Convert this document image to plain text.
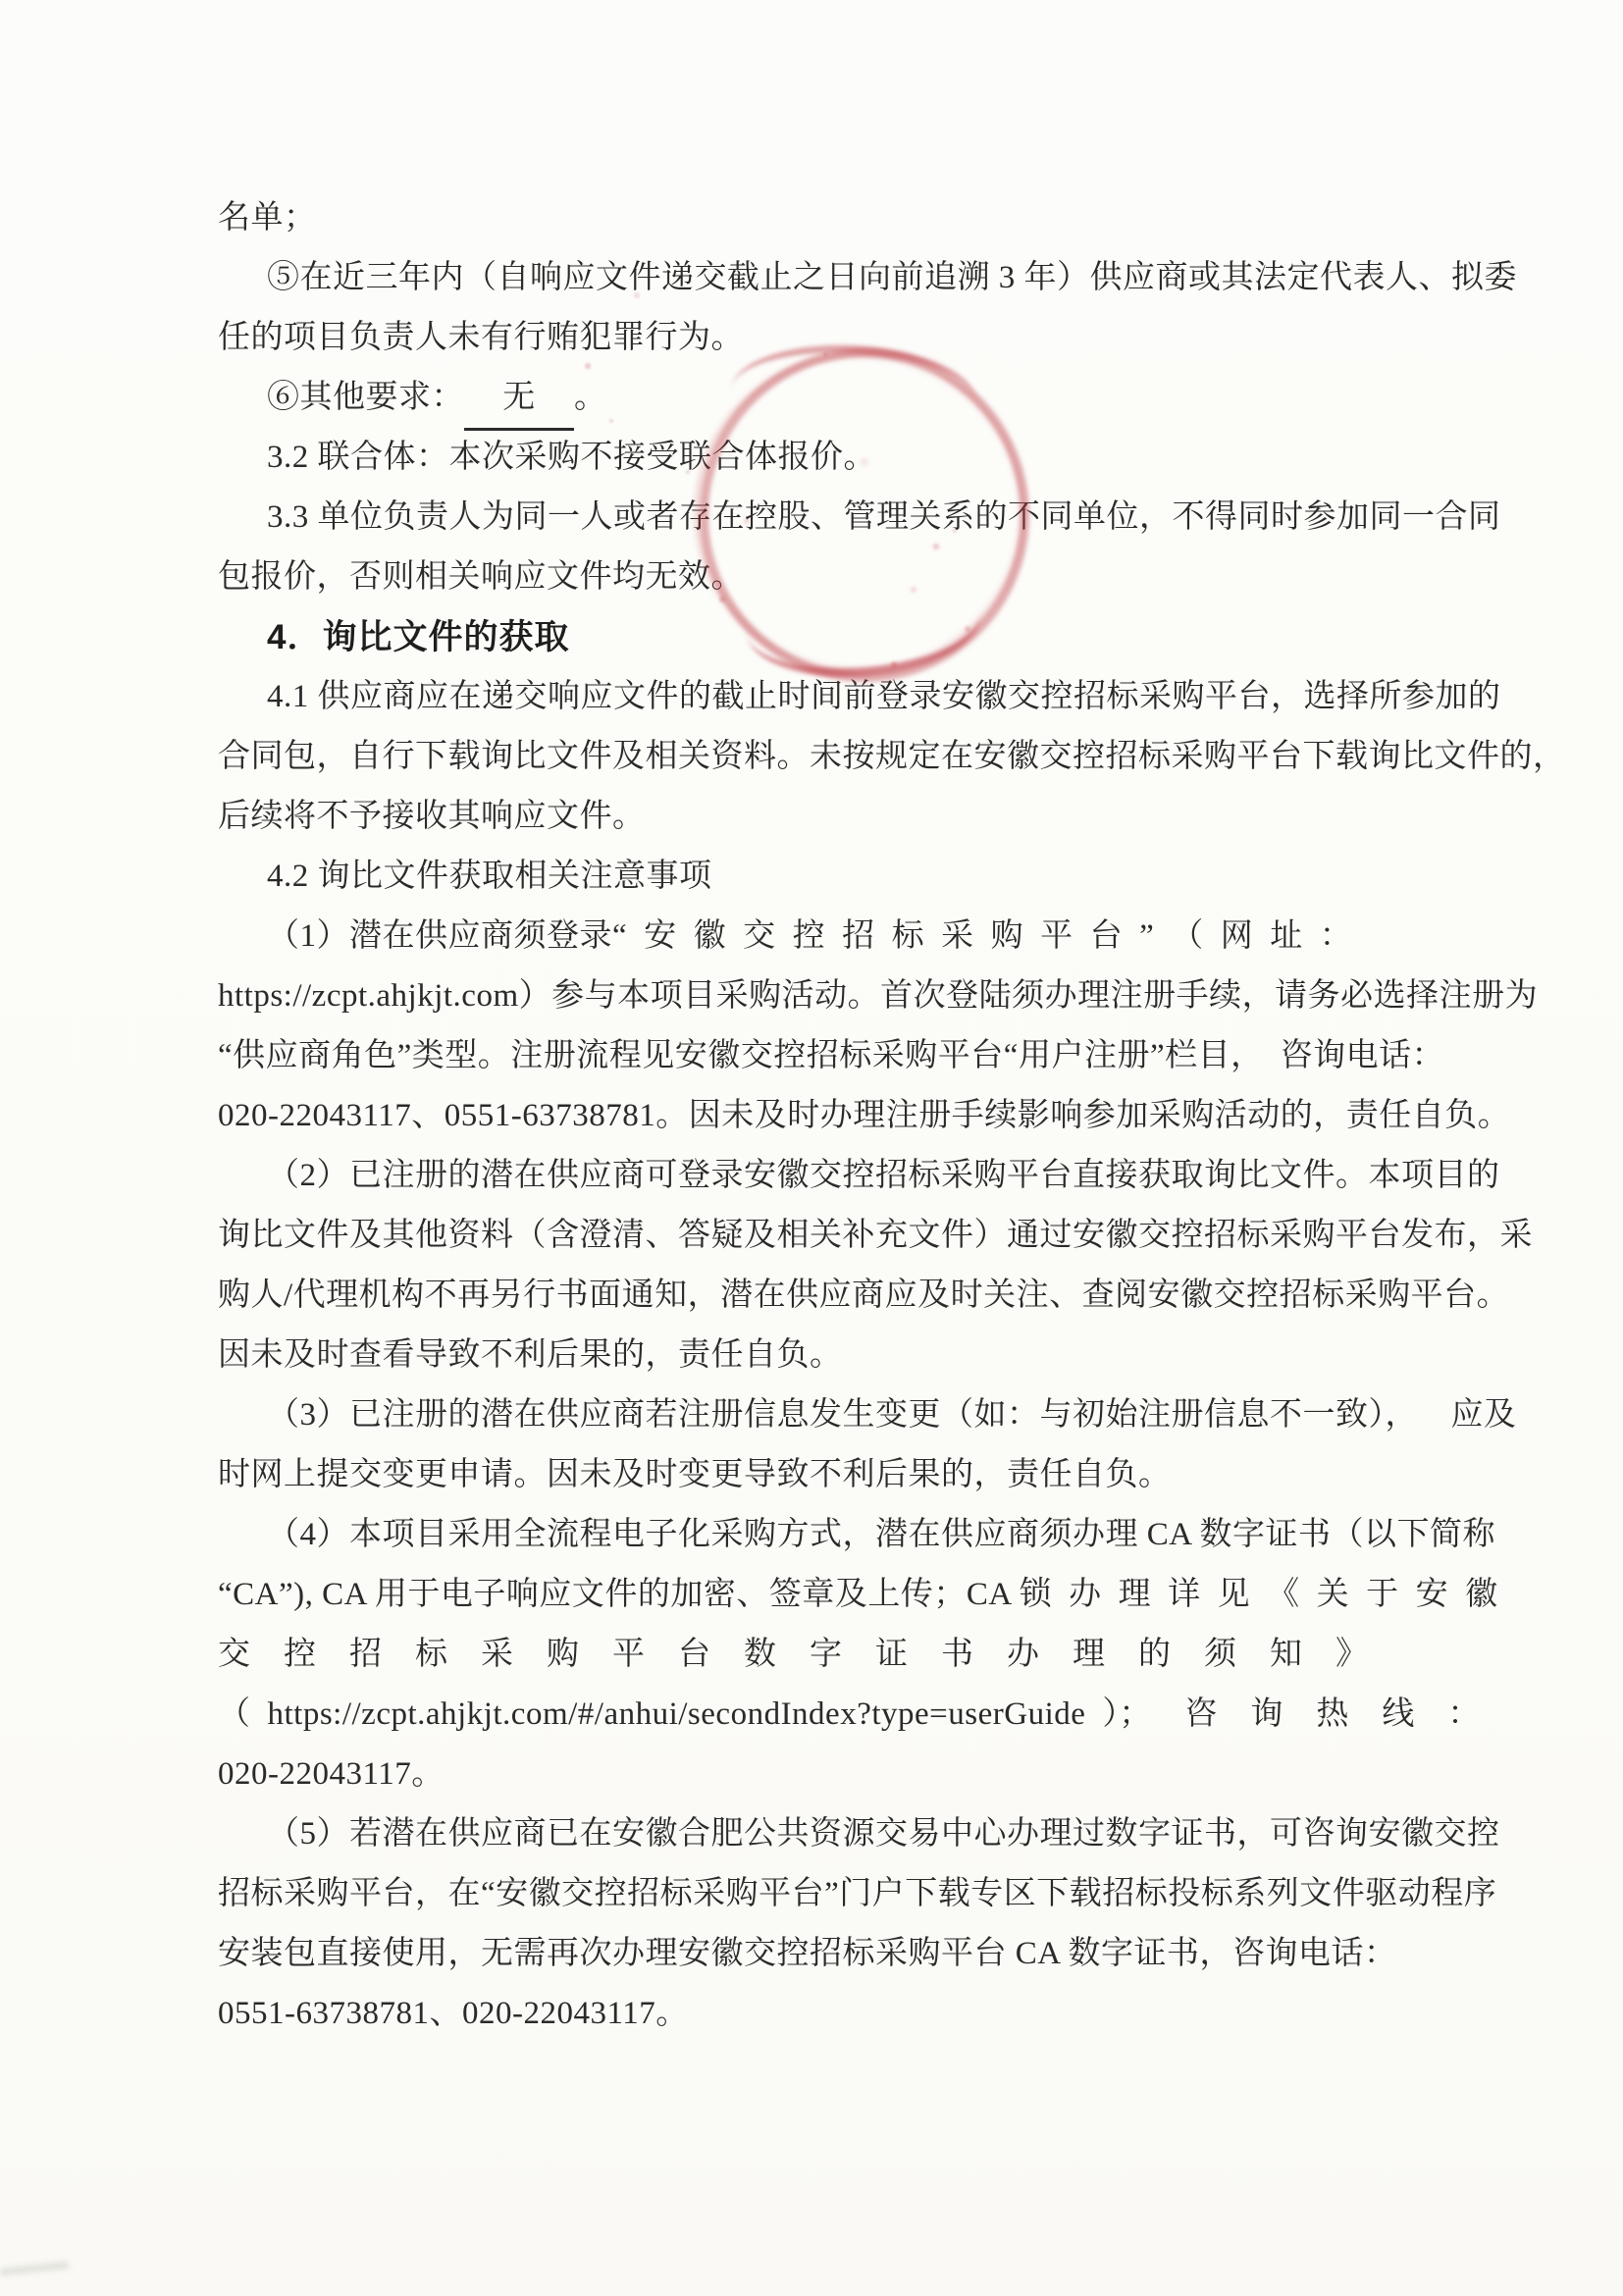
名单；
⑤在近三年内（自响应文件递交截止之日向前追溯 3 年）供应商或其法定代表人、拟委
任的项目负责人未有行贿犯罪行为。
⑥其他要求： 无 。
3.2 联合体：本次采购不接受联合体报价。
3.3 单位负责人为同一人或者存在控股、管理关系的不同单位，不得同时参加同一合同
包报价，否则相关响应文件均无效。
4．询比文件的获取
4.1 供应商应在递交响应文件的截止时间前登录安徽交控招标采购平台，选择所参加的
合同包，自行下载询比文件及相关资料。未按规定在安徽交控招标采购平台下载询比文件的，
后续将不予接收其响应文件。
4.2 询比文件获取相关注意事项
（1）潜在供应商须登录“ 安 徽 交 控 招 标 采 购 平 台 ” （ 网 址 ：
https://zcpt.ahjkjt.com）参与本项目采购活动。首次登陆须办理注册手续，请务必选择注册为
“供应商角色”类型。注册流程见安徽交控招标采购平台“用户注册”栏目， 咨询电话：
020-22043117、0551-63738781。因未及时办理注册手续影响参加采购活动的，责任自负。
（2）已注册的潜在供应商可登录安徽交控招标采购平台直接获取询比文件。本项目的
询比文件及其他资料（含澄清、答疑及相关补充文件）通过安徽交控招标采购平台发布，采
购人/代理机构不再另行书面通知，潜在供应商应及时关注、查阅安徽交控招标采购平台。
因未及时查看导致不利后果的，责任自负。
（3）已注册的潜在供应商若注册信息发生变更（如：与初始注册信息不一致）， 应及
时网上提交变更申请。因未及时变更导致不利后果的，责任自负。
（4）本项目采用全流程电子化采购方式，潜在供应商须办理 CA 数字证书（以下简称
“CA”), CA 用于电子响应文件的加密、签章及上传；CA 锁 办 理 详 见 《 关 于 安 徽
交 控 招 标 采 购 平 台 数 字 证 书 办 理 的 须 知 》
（ https://zcpt.ahjkjt.com/#/anhui/secondIndex?type=userGuide ）； 咨 询 热 线 ：
020-22043117。
（5）若潜在供应商已在安徽合肥公共资源交易中心办理过数字证书，可咨询安徽交控
招标采购平台，在“安徽交控招标采购平台”门户下载专区下载招标投标系列文件驱动程序
安装包直接使用，无需再次办理安徽交控招标采购平台 CA 数字证书，咨询电话：
0551-63738781、020-22043117。
